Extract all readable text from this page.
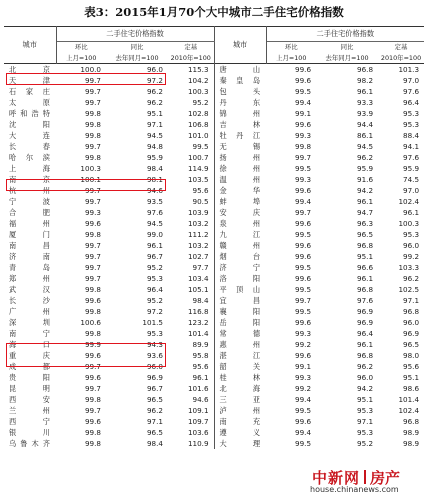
表3：2015年1月70个大中城市二手住宅价格指数
城市	二手住宅价格指数			城市	二手住宅价格指数		
	环比	同比	定基		环比	同比	定基
	上月=100	去年同月=100	2010年=100		上月=100	去年同月=100	2010年=100
北 京	100.0	96.0	115.3	唐 山	99.6	96.8	101.3
天 津	99.7	97.2	104.2	秦皇岛	99.6	98.2	97.0
石家庄	99.7	96.2	100.3	包 头	99.5	96.1	97.6
太 原	99.7	96.2	95.2	丹 东	99.4	93.3	96.4
呼和浩特	99.8	95.1	102.8	锦 州	99.1	93.9	95.3
沈 阳	99.8	97.1	106.8	吉 林	99.6	94.4	95.3
大 连	99.8	94.5	101.0	牡丹江	99.3	86.1	88.4
长 春	99.7	94.8	99.5	无 锡	99.8	94.5	94.1
哈尔滨	99.8	95.9	100.7	扬 州	99.7	96.2	97.6
上 海	100.3	98.4	114.9	徐 州	99.5	95.9	95.9
南 京	100.1	98.1	103.5	温 州	99.3	91.6	74.5
杭 州	99.7	94.6	95.6	金 华	99.6	94.2	97.0
宁 波	99.7	93.5	90.5	蚌 埠	99.4	96.1	102.4
合 肥	99.3	97.6	103.9	安 庆	99.7	94.7	96.1
福 州	99.6	94.5	103.2	泉 州	99.6	96.3	100.3
厦 门	99.8	99.0	111.2	九 江	99.5	96.5	95.3
南 昌	99.7	96.1	103.2	赣 州	99.6	96.8	96.0
济 南	99.7	96.7	102.7	烟 台	99.6	95.1	99.2
青 岛	99.7	95.2	97.7	济 宁	99.5	96.6	103.3
郑 州	99.7	95.3	103.4	洛 阳	99.6	96.1	96.2
武 汉	99.8	96.4	105.1	平顶山	99.5	96.8	102.5
长 沙	99.6	95.2	98.4	宜 昌	99.7	97.6	97.1
广 州	99.8	97.2	116.8	襄 阳	99.5	96.9	96.8
深 圳	100.6	101.5	123.2	岳 阳	99.6	96.9	96.0
南 宁	99.8	95.3	101.4	常 德	99.3	96.4	96.9
海 口	99.9	94.3	89.9	惠 州	99.2	96.1	96.5
重 庆	99.6	93.6	95.8	湛 江	99.6	96.8	98.0
成 都	99.7	96.0	95.6	韶 关	99.1	96.2	95.6
贵 阳	99.6	96.9	96.1	桂 林	99.3	96.0	95.1
昆 明	99.7	96.7	101.6	北 海	99.2	94.2	98.6
西 安	99.8	96.5	94.6	三 亚	99.4	95.1	101.4
兰 州	99.7	96.2	109.1	泸 州	99.5	95.3	102.4
西 宁	99.6	97.1	109.7	南 充	99.6	97.1	96.8
银 川	99.8	96.5	103.6	遵 义	99.4	95.3	98.9
乌鲁木齐	99.8	98.4	110.9	大 理	99.5	95.2	98.9
中新网 房产
house.chinanews.com
